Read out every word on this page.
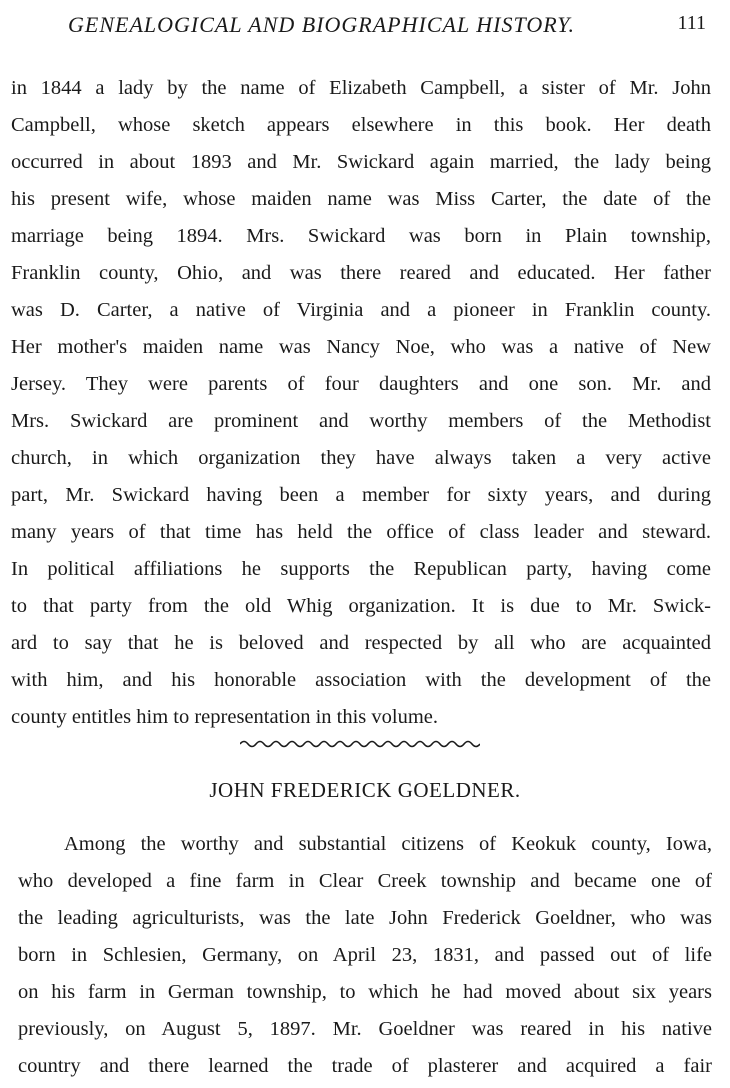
GENEALOGICAL AND BIOGRAPHICAL HISTORY.	111
in 1844 a lady by the name of Elizabeth Campbell, a sister of Mr. John
Campbell, whose sketch appears elsewhere in this book. Her death
occurred in about 1893 and Mr. Swickard again married, the lady being
his present wife, whose maiden name was Miss Carter, the date of the
marriage being 1894. Mrs. Swickard was born in Plain township,
Franklin county, Ohio, and was there reared and educated. Her father
was D. Carter, a native of Virginia and a pioneer in Franklin county.
Her mother's maiden name was Nancy Noe, who was a native of New
Jersey. They were parents of four daughters and one son. Mr. and
Mrs. Swickard are prominent and worthy members of the Methodist
church, in which organization they have always taken a very active
part, Mr. Swickard having been a member for sixty years, and during
many years of that time has held the office of class leader and steward.
In political affiliations he supports the Republican party, having come
to that party from the old Whig organization. It is due to Mr. Swick-
ard to say that he is beloved and respected by all who are acquainted
with him, and his honorable association with the development of the
county entitles him to representation in this volume.
JOHN FREDERICK GOELDNER.
Among the worthy and substantial citizens of Keokuk county, Iowa,
who developed a fine farm in Clear Creek township and became one of
the leading agriculturists, was the late John Frederick Goeldner, who was
born in Schlesien, Germany, on April 23, 1831, and passed out of life
on his farm in German township, to which he had moved about six years
previously, on August 5, 1897. Mr. Goeldner was reared in his native
country and there learned the trade of plasterer and acquired a fair
